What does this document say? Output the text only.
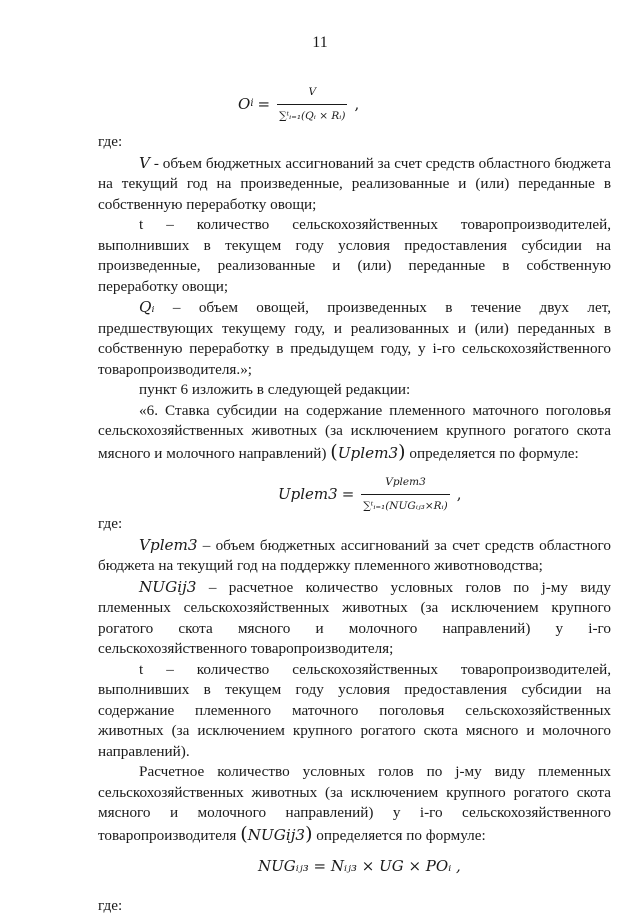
11
O $i = \frac{V}{\text{∑ᵗᵢ₌₁(Qᵢ × Rᵢ)}}$ ,

где:

V - объем бюджетных ассигнований за счет средств областного бюджета на текущий год на произведенные, реализованные и (или) переданные в собственную переработку овощи;

t – количество сельскохозяйственных товаропроизводителей, выполнивших в текущем году условия предоставления субсидии на произведенные, реализованные и (или) переданные в собственную переработку овощи;

Qᵢ – объем овощей, произведенных в течение двух лет, предшествующих текущему году, и реализованных и (или) переданных в собственную переработку в предыдущем году, у i-го сельскохозяйственного товаропроизводителя.»;

пункт 6 изложить в следующей редакции:

«6. Ставка субсидии на содержание племенного маточного поголовья сельскохозяйственных животных (за исключением крупного рогатого скота мясного и молочного направлений) (Uplem3) определяется по формуле:

Uplem3 = $\frac{\text{Vplem3}}{\text{∑ᵗᵢ₌₁(NUGᵢⱼ₃×Rᵢ)}}$ ,

где:

Vplem3 – объем бюджетных ассигнований за счет средств областного бюджета на текущий год на поддержку племенного животноводства;

NUGij3 – расчетное количество условных голов по j-му виду племенных сельскохозяйственных животных (за исключением крупного рогатого скота мясного и молочного направлений) у i-го сельскохозяйственного товаропроизводителя;

t – количество сельскохозяйственных товаропроизводителей, выполнивших в текущем году условия предоставления субсидии на содержание племенного маточного поголовья сельскохозяйственных животных (за исключением крупного рогатого скота мясного и молочного направлений).

Расчетное количество условных голов по j-му виду племенных сельскохозяйственных животных (за исключением крупного рогатого скота мясного и молочного направлений) у i-го сельскохозяйственного товаропроизводителя (NUGij3) определяется по формуле:

NUGᵢⱼ₃ = Nᵢⱼ₃ × UG × POᵢ ,

где:
